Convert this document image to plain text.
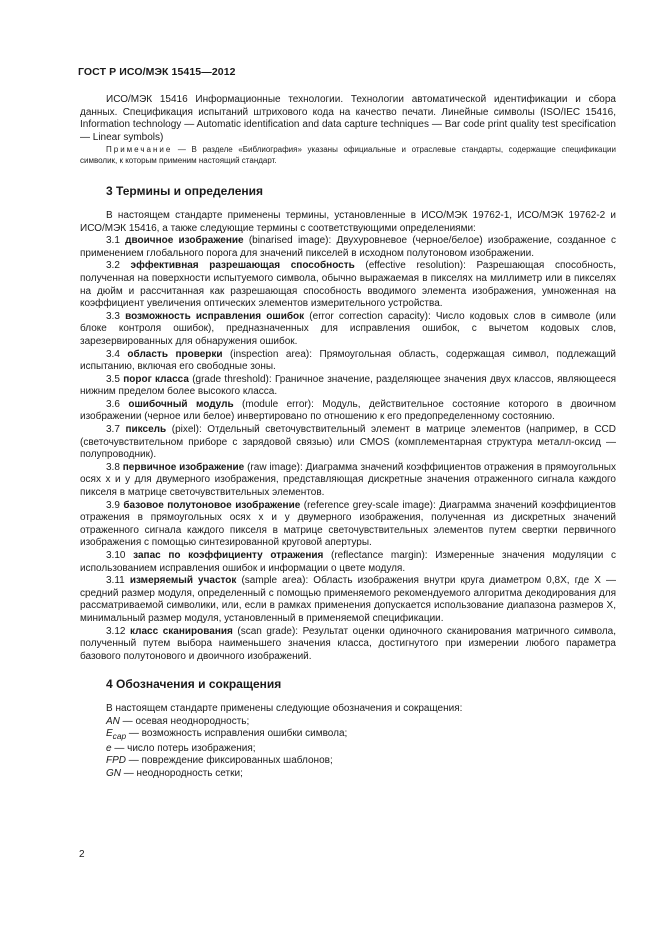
ГОСТ Р ИСО/МЭК 15415—2012

ИСО/МЭК 15416 Информационные технологии. Технологии автоматической идентификации и сбора данных. Спецификация испытаний штрихового кода на качество печати. Линейные символы (ISO/IEC 15416, Information technology — Automatic identification and data capture techniques — Bar code print quality test specification — Linear symbols)

Примечание — В разделе «Библиография» указаны официальные и отраслевые стандарты, содержащие спецификации символик, к которым применим настоящий стандарт.

3 Термины и определения

В настоящем стандарте применены термины, установленные в ИСО/МЭК 19762-1, ИСО/МЭК 19762-2 и ИСО/МЭК 15416, а также следующие термины с соответствующими определениями:

3.1 двоичное изображение (binarised image): Двухуровневое (черное/белое) изображение, созданное с применением глобального порога для значений пикселей в исходном полутоновом изображении.

3.2 эффективная разрешающая способность (effective resolution): Разрешающая способность, полученная на поверхности испытуемого символа, обычно выражаемая в пикселях на миллиметр или в пикселях на дюйм и рассчитанная как разрешающая способность вводимого элемента изображения, умноженная на коэффициент увеличения оптических элементов измерительного устройства.

3.3 возможность исправления ошибок (error correction capacity): Число кодовых слов в символе (или блоке контроля ошибок), предназначенных для исправления ошибок, с вычетом кодовых слов, зарезервированных для обнаружения ошибок.

3.4 область проверки (inspection area): Прямоугольная область, содержащая символ, подлежащий испытанию, включая его свободные зоны.

3.5 порог класса (grade threshold): Граничное значение, разделяющее значения двух классов, являющееся нижним пределом более высокого класса.

3.6 ошибочный модуль (module error): Модуль, действительное состояние которого в двоичном изображении (черное или белое) инвертировано по отношению к его предопределенному состоянию.

3.7 пиксель (pixel): Отдельный светочувствительный элемент в матрице элементов (например, в CCD (светочувствительном приборе с зарядовой связью) или CMOS (комплементарная структура металл-оксид —полупроводник).

3.8 первичное изображение (raw image): Диаграмма значений коэффициентов отражения в прямоугольных осях x и y для двумерного изображения, представляющая дискретные значения отраженного сигнала каждого пикселя в матрице светочувствительных элементов.

3.9 базовое полутоновое изображение (reference grey-scale image): Диаграмма значений коэффициентов отражения в прямоугольных осях x и y двумерного изображения, полученная из дискретных значений отраженного сигнала каждого пикселя в матрице светочувствительных элементов путем свертки первичного изображения с помощью синтезированной круговой апертуры.

3.10 запас по коэффициенту отражения (reflectance margin): Измеренные значения модуляции с использованием исправления ошибок и информации о цвете модуля.

3.11 измеряемый участок (sample area): Область изображения внутри круга диаметром 0,8X, где X — средний размер модуля, определенный с помощью применяемого рекомендуемого алгоритма декодирования для рассматриваемой символики, или, если в рамках применения допускается использование диапазона размеров X, минимальный размер модуля, установленный в применяемой спецификации.

3.12 класс сканирования (scan grade): Результат оценки одиночного сканирования матричного символа, полученный путем выбора наименьшего значения класса, достигнутого при измерении любого параметра базового полутонового и двоичного изображений.

4 Обозначения и сокращения

В настоящем стандарте применены следующие обозначения и сокращения:

AN — осевая неоднородность;

$E_{cap}$ — возможность исправления ошибки символа;

e — число потерь изображения;

FPD — повреждение фиксированных шаблонов;

GN — неоднородность сетки;

2
